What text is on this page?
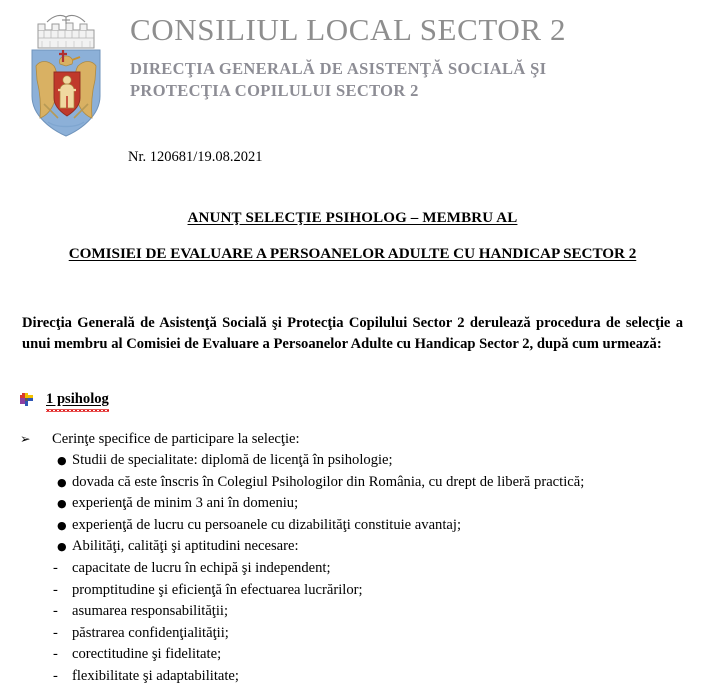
CONSILIUL LOCAL SECTOR 2
DIRECŢIA GENERALĂ DE ASISTENŢĂ SOCIALĂ ŞI
PROTECŢIA COPILULUI SECTOR 2
Nr. 120681/19.08.2021
ANUNŢ SELECŢIE PSIHOLOG – MEMBRU AL
COMISIEI DE EVALUARE A PERSOANELOR ADULTE CU HANDICAP SECTOR 2

Direcţia Generală de Asistenţă Socială şi Protecţia Copilului Sector 2 derulează procedura de selecţie a unui membru al Comisiei de Evaluare a Persoanelor Adulte cu Handicap Sector 2, după cum urmează:

1 psiholog
➢	Cerinţe specifice de participare la selecţie:
● Studii de specialitate: diplomă de licenţă în psihologie;
● dovada că este înscris în Colegiul Psihologilor din România, cu drept de liberă practică;
● experienţă de minim 3 ani în domeniu;
● experienţă de lucru cu persoanele cu dizabilităţi constituie avantaj;
● Abilităţi, calităţi şi aptitudini necesare:
- capacitate de lucru în echipă şi independent;
- promptitudine şi eficienţă în efectuarea lucrărilor;
- asumarea responsabilităţii;
- păstrarea confidenţialităţii;
- corectitudine şi fidelitate;
- flexibilitate şi adaptabilitate;
